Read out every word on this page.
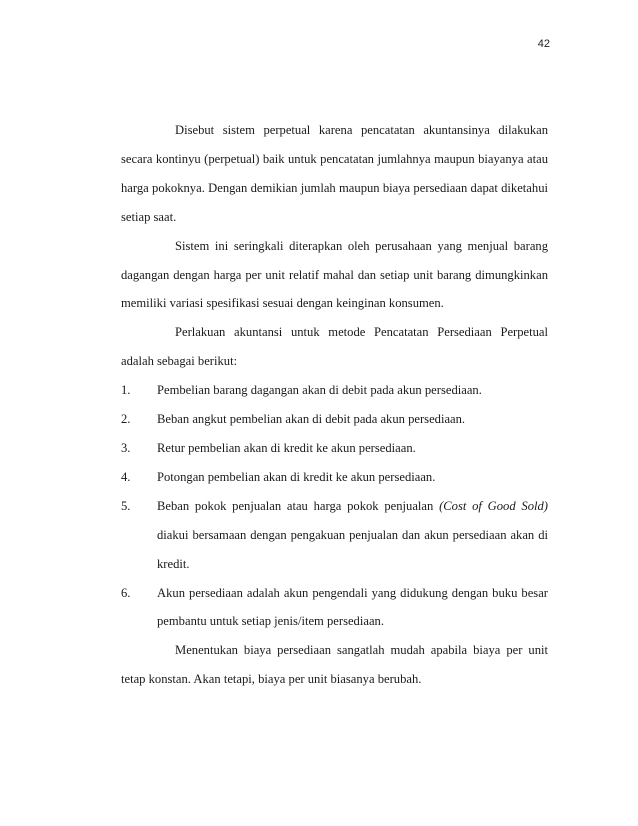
42

Disebut sistem perpetual karena pencatatan akuntansinya dilakukan secara kontinyu (perpetual) baik untuk pencatatan jumlahnya maupun biayanya atau harga pokoknya. Dengan demikian jumlah maupun biaya persediaan dapat diketahui setiap saat.

Sistem ini seringkali diterapkan oleh perusahaan yang menjual barang dagangan dengan harga per unit relatif mahal dan setiap unit barang dimungkinkan memiliki variasi spesifikasi sesuai dengan keinginan konsumen.

Perlakuan akuntansi untuk metode Pencatatan Persediaan Perpetual adalah sebagai berikut:

1. Pembelian barang dagangan akan di debit pada akun persediaan.
2. Beban angkut pembelian akan di debit pada akun persediaan.
3. Retur pembelian akan di kredit ke akun persediaan.
4. Potongan pembelian akan di kredit ke akun persediaan.
5. Beban pokok penjualan atau harga pokok penjualan (Cost of Good Sold) diakui bersamaan dengan pengakuan penjualan dan akun persediaan akan di kredit.
6. Akun persediaan adalah akun pengendali yang didukung dengan buku besar pembantu untuk setiap jenis/item persediaan.

Menentukan biaya persediaan sangatlah mudah apabila biaya per unit tetap konstan. Akan tetapi, biaya per unit biasanya berubah.
